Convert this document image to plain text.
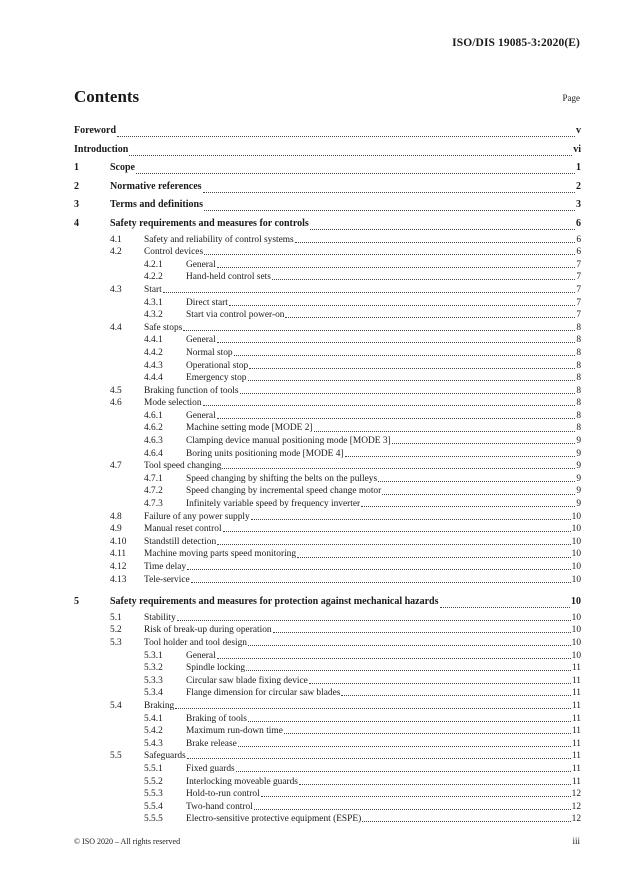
ISO/DIS 19085-3:2020(E)
Contents	Page
Foreword	v
Introduction	vi
1	Scope	1
2	Normative references	2
3	Terms and definitions	3
4	Safety requirements and measures for controls	6
4.1 Safety and reliability of control systems	6
4.2 Control devices	6
4.2.1 General	7
4.2.2 Hand-held control sets	7
4.3 Start	7
4.3.1 Direct start	7
4.3.2 Start via control power-on	7
4.4 Safe stops	8
4.4.1 General	8
4.4.2 Normal stop	8
4.4.3 Operational stop	8
4.4.4 Emergency stop	8
4.5 Braking function of tools	8
4.6 Mode selection	8
4.6.1 General	8
4.6.2 Machine setting mode [MODE 2]	8
4.6.3 Clamping device manual positioning mode [MODE 3]	9
4.6.4 Boring units positioning mode [MODE 4]	9
4.7 Tool speed changing	9
4.7.1 Speed changing by shifting the belts on the pulleys	9
4.7.2 Speed changing by incremental speed change motor	9
4.7.3 Infinitely variable speed by frequency inverter	9
4.8 Failure of any power supply	10
4.9 Manual reset control	10
4.10 Standstill detection	10
4.11 Machine moving parts speed monitoring	10
4.12 Time delay	10
4.13 Tele-service	10
5	Safety requirements and measures for protection against mechanical hazards	10
5.1 Stability	10
5.2 Risk of break-up during operation	10
5.3 Tool holder and tool design	10
5.3.1 General	10
5.3.2 Spindle locking	11
5.3.3 Circular saw blade fixing device	11
5.3.4 Flange dimension for circular saw blades	11
5.4 Braking	11
5.4.1 Braking of tools	11
5.4.2 Maximum run-down time	11
5.4.3 Brake release	11
5.5 Safeguards	11
5.5.1 Fixed guards	11
5.5.2 Interlocking moveable guards	11
5.5.3 Hold-to-run control	12
5.5.4 Two-hand control	12
5.5.5 Electro-sensitive protective equipment (ESPE)	12
© ISO 2020 – All rights reserved	iii
